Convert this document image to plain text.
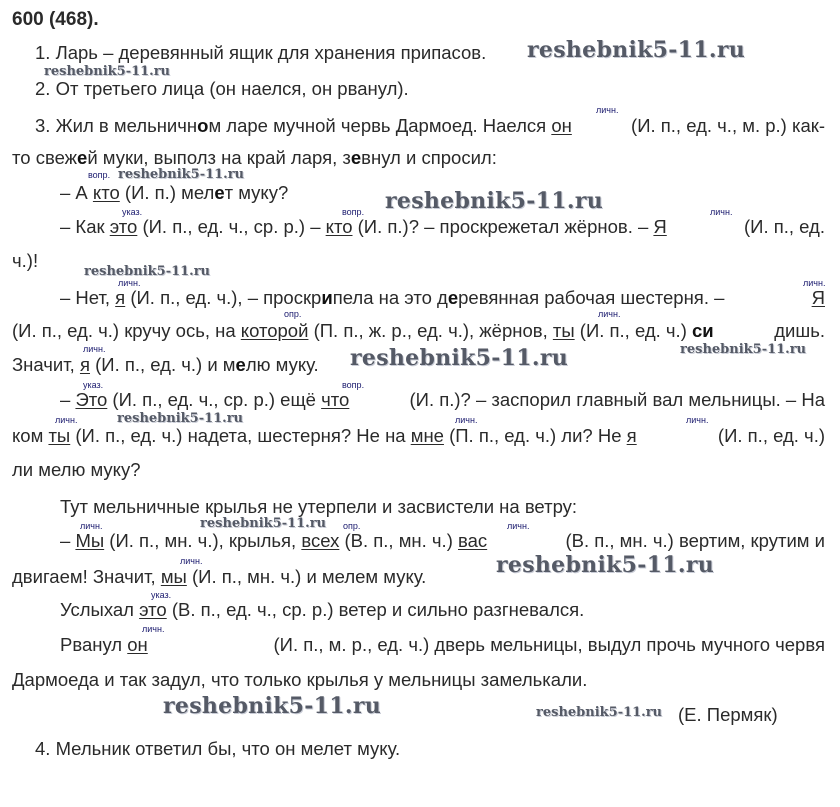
600 (468).
1. Ларь – деревянный ящик для хранения припасов. reshebnik5-11.ru
reshebnik5-11.ru
2. От третьего лица (он наелся, он рванул).
личн.
3. Жил в мельничном ларе мучной червь Дармоед. Наелся он	(И. п., ед. ч., м. р.) как-
то свежей муки, выполз на край ларя, зевнул и спросил:
вопр. reshebnik5-11.ru
– А кто (И. п.) мелет муку?	reshebnik5-11.ru
указ.	вопр.	личн.
– Как это (И. п., ед. ч., ср. р.) – кто (И. п.)? – проскрежетал жёрнов. – Я	(И. п., ед.
ч.)!
reshebnik5-11.ru
личн.	личн.
– Нет, я (И. п., ед. ч.), – проскрипела на это деревянная рабочая шестерня. –	Я
опр.	личн.
(И. п., ед. ч.) кручу ось, на которой (П. п., ж. р., ед. ч.), жёрнов, ты (И. п., ед. ч.) си	дишь.
личн.
Значит, я (И. п., ед. ч.) и мелю муку. reshebnik5-11.ru	reshebnik5-11.ru
указ.	вопр.
– Это (И. п., ед. ч., ср. р.) ещё что	(И. п.)? – заспорил главный вал мельницы. – На
личн.	reshebnik5-11.ru	личн.	личн.
ком ты (И. п., ед. ч.) надета, шестерня? Не на мне (П. п., ед. ч.) ли? Не я	(И. п., ед. ч.)
ли мелю муку?
Тут мельничные крылья не утерпели и засвистели на ветру:
личн.	reshebnik5-11.ru опр.	личн.
– Мы (И. п., мн. ч.), крылья, всех (В. п., мн. ч.) вас	(В. п., мн. ч.) вертим, крутим и
личн.
двигаем! Значит, мы (И. п., мн. ч.) и мелем муку.	reshebnik5-11.ru
указ.
Услыхал это (В. п., ед. ч., ср. р.) ветер и сильно разгневался.
личн.
Рванул он	(И. п., м. р., ед. ч.) дверь мельницы, выдул прочь мучного червя
Дармоеда и так задул, что только крылья у мельницы замелькали.
reshebnik5-11.ru	reshebnik5-11.ru (Е. Пермяк)
4. Мельник ответил бы, что он мелет муку.
